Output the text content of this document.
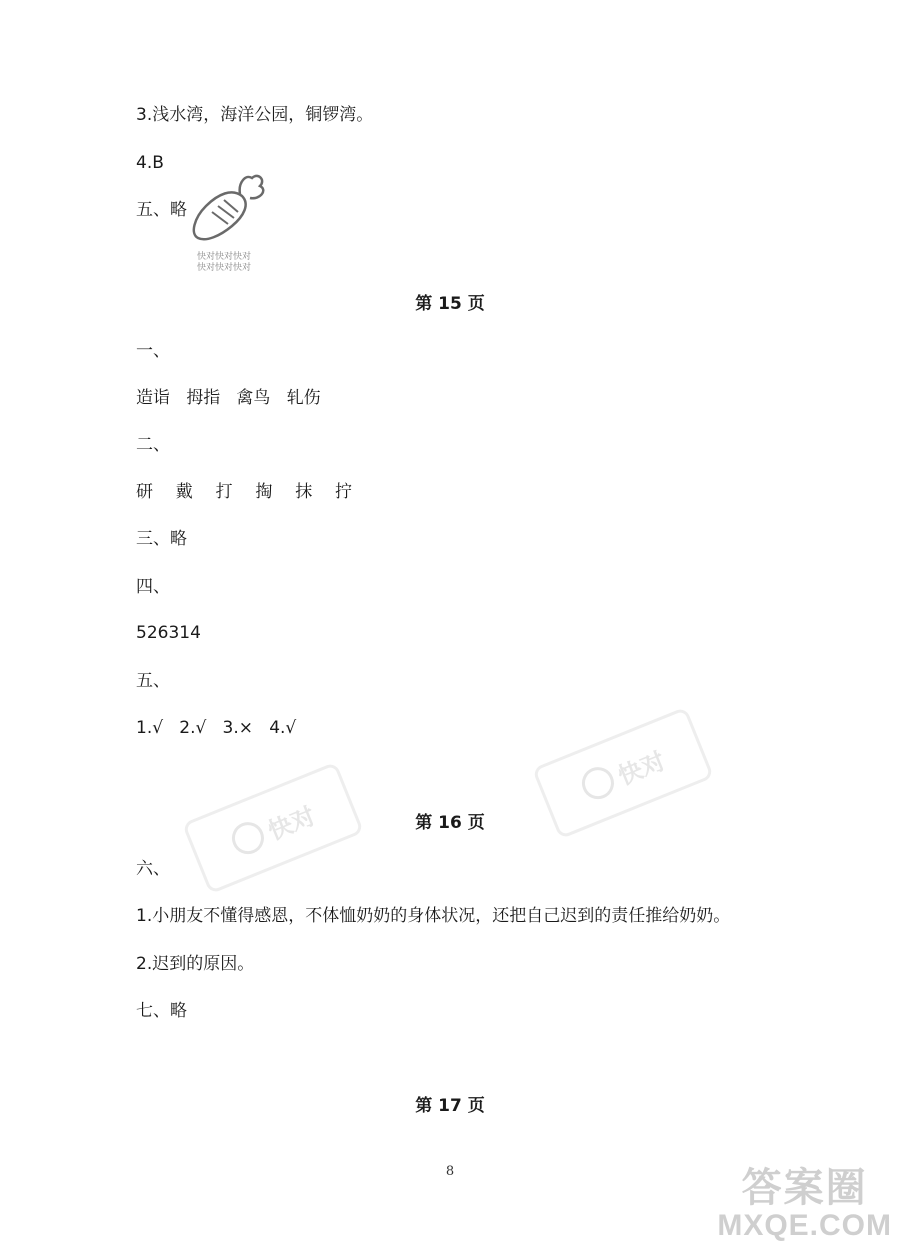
快对
快对
3.浅水湾，海洋公园，铜锣湾。
4.B
五、略
快对快对快对
快对快对快对
第 15 页
一、
造诣   拇指   禽鸟   轧伤
二、
研  戴  打  掏  抹  拧
三、略
四、
526314
五、
1.√   2.√   3.×   4.√
第 16 页
六、
1.小朋友不懂得感恩，不体恤奶奶的身体状况，还把自己迟到的责任推给奶奶。
2.迟到的原因。
七、略
第 17 页
8	答案圈
MXQE.COM
